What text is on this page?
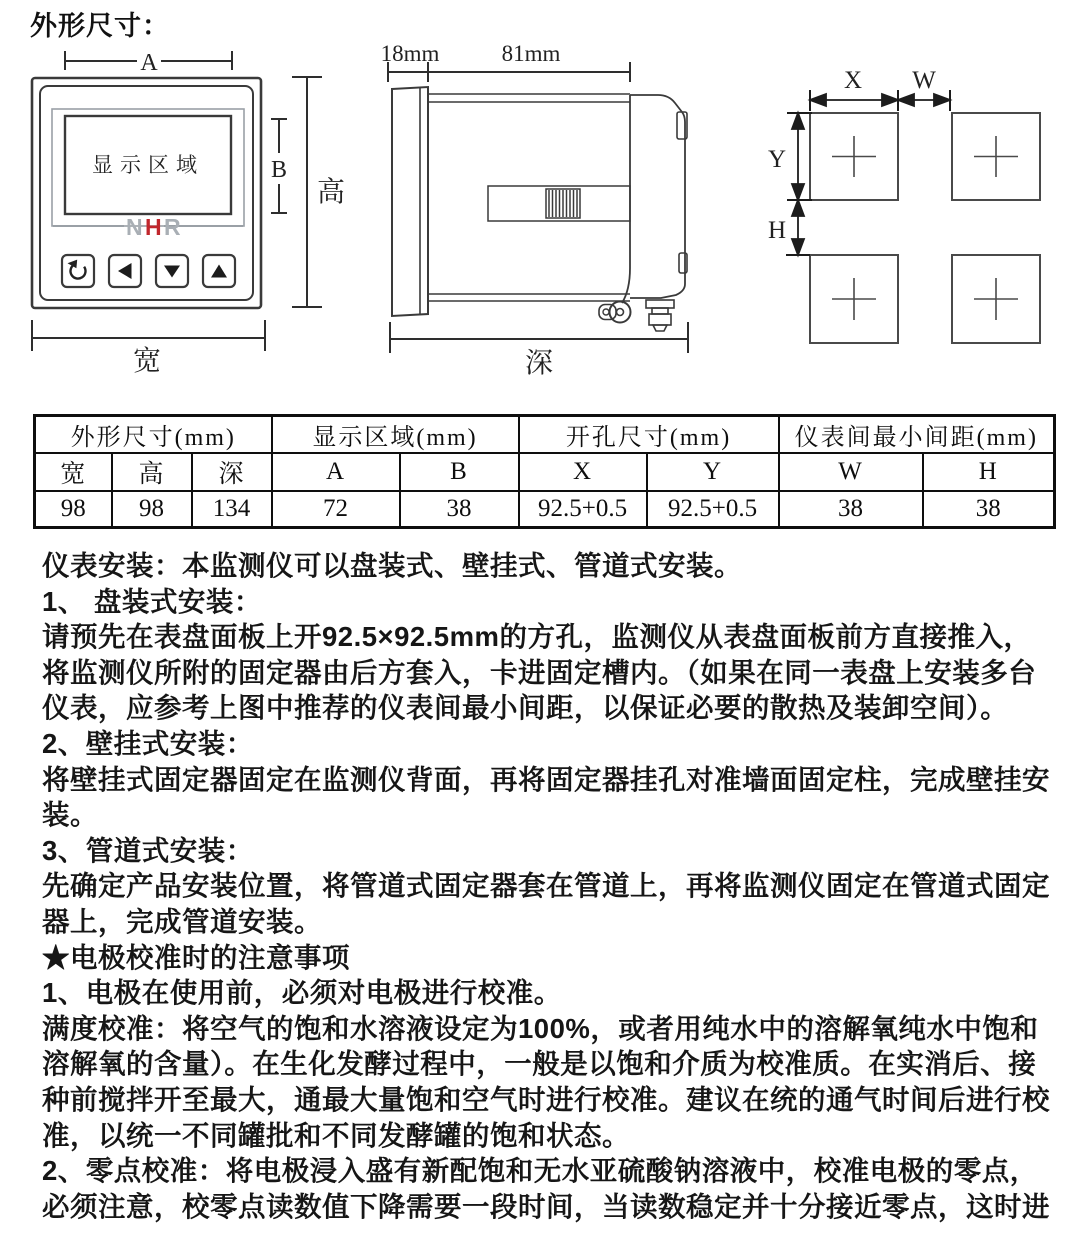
外形尺寸：
A
显示区域
N H R
B
高
宽
18mm	81mm
深
X W
Y
H
外形尺寸(mm)			显示区域(mm)		开孔尺寸(mm)		仪表间最小间距(mm)	
宽	高	深	A	B	X	Y	W	H
98	98	134	72	38	92.5+0.5	92.5+0.5	38	38
仪表安装：本监测仪可以盘装式、壁挂式、管道式安装。
1、 盘装式安装：
请预先在表盘面板上开92.5×92.5mm的方孔，监测仪从表盘面板前方直接推入，
将监测仪所附的固定器由后方套入，卡进固定槽内。（如果在同一表盘上安装多台
仪表，应参考上图中推荐的仪表间最小间距，以保证必要的散热及装卸空间）。
2、壁挂式安装：
将壁挂式固定器固定在监测仪背面，再将固定器挂孔对准墙面固定柱，完成壁挂安
装。
3、管道式安装：
先确定产品安装位置，将管道式固定器套在管道上，再将监测仪固定在管道式固定
器上，完成管道安装。
★电极校准时的注意事项
1、电极在使用前，必须对电极进行校准。
满度校准：将空气的饱和水溶液设定为100%，或者用纯水中的溶解氧纯水中饱和
溶解氧的含量）。在生化发酵过程中，一般是以饱和介质为校准质。在实消后、接
种前搅拌开至最大，通最大量饱和空气时进行校准。建议在统的通气时间后进行校
准，以统一不同罐批和不同发酵罐的饱和状态。
2、零点校准：将电极浸入盛有新配饱和无水亚硫酸钠溶液中，校准电极的零点，
必须注意，校零点读数值下降需要一段时间，当读数稳定并十分接近零点，这时进
